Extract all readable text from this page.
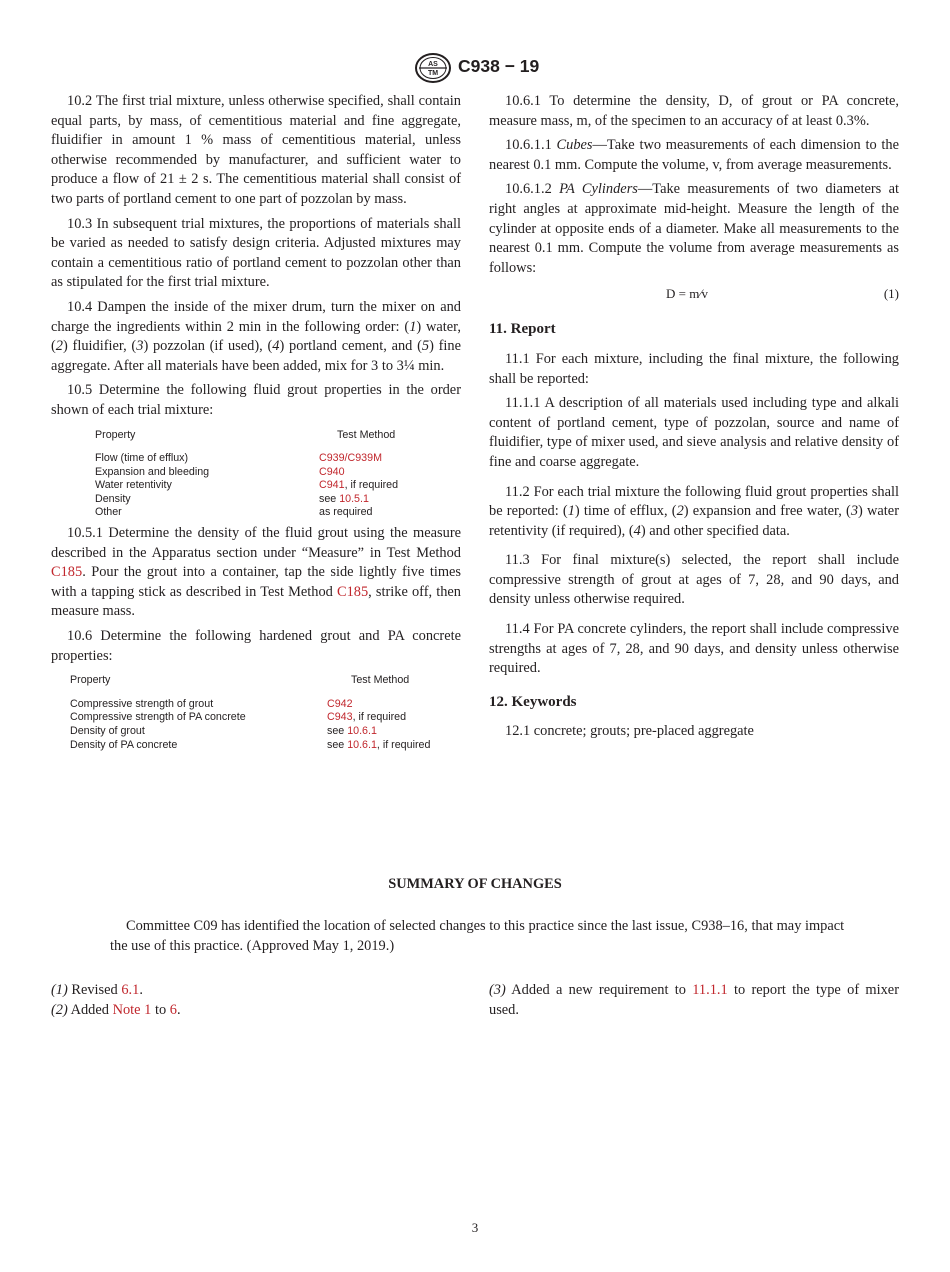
AS
TM C938 − 19

10.2 The first trial mixture, unless otherwise specified, shall contain equal parts, by mass, of cementitious material and fine aggregate, fluidifier in amount 1 % mass of cementitious material, unless otherwise recommended by manufacturer, and sufficient water to produce a flow of 21 ± 2 s. The cementitious material shall consist of two parts of portland cement to one part of pozzolan by mass.

10.3 In subsequent trial mixtures, the proportions of materials shall be varied as needed to satisfy design criteria. Adjusted mixtures may contain a cementitious ratio of portland cement to pozzolan other than as stipulated for the first trial mixture.

10.4 Dampen the inside of the mixer drum, turn the mixer on and charge the ingredients within 2 min in the following order: (1) water, (2) fluidifier, (3) pozzolan (if used), (4) portland cement, and (5) fine aggregate. After all materials have been added, mix for 3 to 3¼ min.

10.5 Determine the following fluid grout properties in the order shown of each trial mixture:

Property	Test Method

Flow (time of efflux)	C939/C939M
Expansion and bleeding	C940
Water retentivity	C941, if required
Density	see 10.5.1
Other	as required

10.5.1 Determine the density of the fluid grout using the measure described in the Apparatus section under “Measure” in Test Method C185. Pour the grout into a container, tap the side lightly five times with a tapping stick as described in Test Method C185, strike off, then measure mass.

10.6 Determine the following hardened grout and PA concrete properties:

Property	Test Method

Compressive strength of grout	C942
Compressive strength of PA concrete	C943, if required
Density of grout	see 10.6.1
Density of PA concrete	see 10.6.1, if required

10.6.1 To determine the density, D, of grout or PA concrete, measure mass, m, of the specimen to an accuracy of at least 0.3%.

10.6.1.1 Cubes—Take two measurements of each dimension to the nearest 0.1 mm. Compute the volume, v, from average measurements.

10.6.1.2 PA Cylinders—Take measurements of two diameters at right angles at approximate mid-height. Measure the length of the cylinder at opposite ends of a diameter. Make all measurements to the nearest 0.1 mm. Compute the volume from average measurements as follows:

D = m⁄v	(1)
11. Report

11.1 For each mixture, including the final mixture, the following shall be reported:

11.1.1 A description of all materials used including type and alkali content of portland cement, type of pozzolan, source and name of fluidifier, type of mixer used, and sieve analysis and relative density of fine and coarse aggregate.

11.2 For each trial mixture the following fluid grout properties shall be reported: (1) time of efflux, (2) expansion and free water, (3) water retentivity (if required), (4) and other specified data.

11.3 For final mixture(s) selected, the report shall include compressive strength of grout at ages of 7, 28, and 90 days, and density unless otherwise required.

11.4 For PA concrete cylinders, the report shall include compressive strengths at ages of 7, 28, and 90 days, and density unless otherwise required.

12. Keywords

12.1 concrete; grouts; pre-placed aggregate

SUMMARY OF CHANGES
Committee C09 has identified the location of selected changes to this practice since the last issue, C938–16, that may impact the use of this practice. (Approved May 1, 2019.)
(1) Revised 6.1.
(2) Added Note 1 to 6.
(3) Added a new requirement to 11.1.1 to report the type of mixer used.
3
